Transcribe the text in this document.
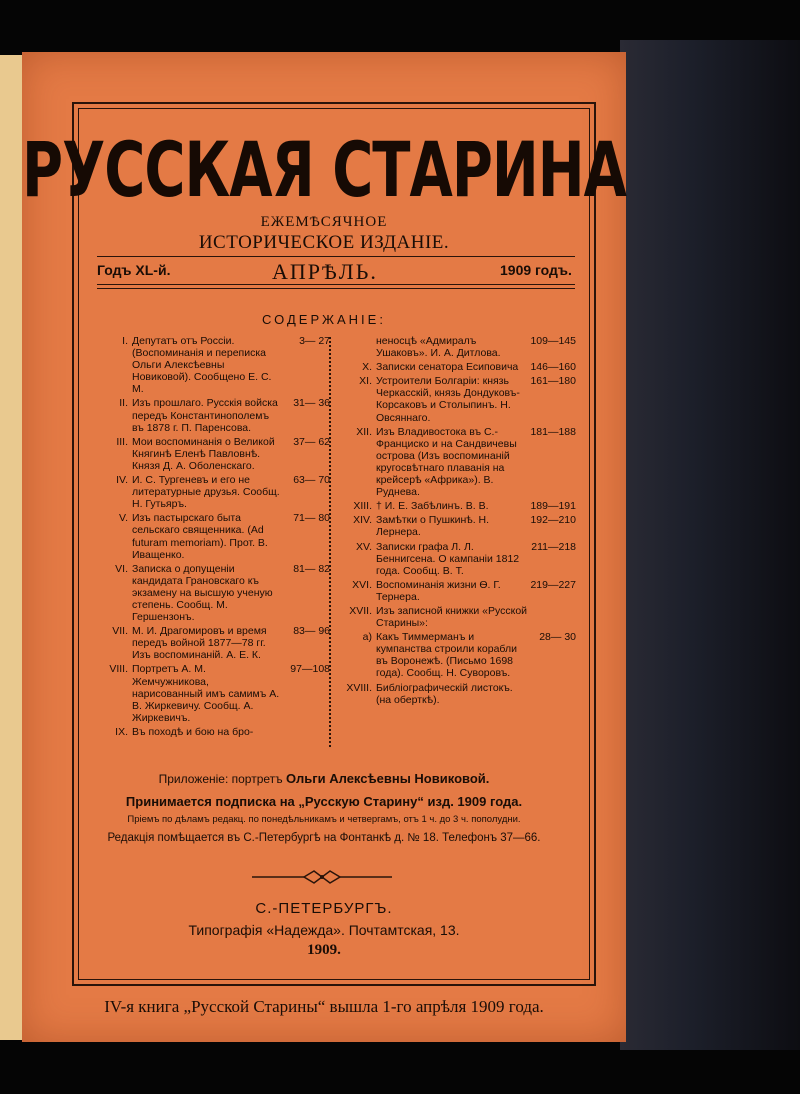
РУССКАЯ СТАРИНА
ЕЖЕМѢСЯЧНОЕ
ИСТОРИЧЕСКОЕ ИЗДАНІЕ.
Годъ XL-й.	АПРѢЛЬ.	1909 годъ.
СОДЕРЖАНІЕ:
I. Депутатъ отъ Россіи. (Воспоминанія и переписка Ольги Алексѣевны Новиковой). Сообщено Е. С. М.
3— 27
II. Изъ прошлаго. Русскія войска передъ Константинополемъ въ 1878 г. П. Паренсова.
31— 36
III. Мои воспоминанія о Великой Княгинѣ Еленѣ Павловнѣ. Князя Д. А. Оболенскаго.
37— 62
IV. И. С. Тургеневъ и его не литературные друзья. Сообщ. Н. Гутьяръ.
63— 70
V. Изъ пастырскаго быта сельскаго священника. (Ad futuram memoriam). Прот. В. Иващенко.
71— 80
VI. Записка о допущеніи кандидата Грановскаго къ экзамену на высшую ученую степень. Сообщ. М. Гершензонъ.
81— 82
VII. М. И. Драгомировъ и время передъ войной 1877—78 гг. Изъ воспоминаній. А. Е. К.
83— 96
VIII. Портретъ А. М. Жемчужникова, нарисованный имъ самимъ А. В. Жиркевичу. Сообщ. А. Жиркевичъ.
97—108
IX. Въ походѣ и бою на бро-
неносцѣ «Адмиралъ Ушаковъ». И. А. Дитлова.
109—145
X. Записки сенатора Есиповича	146—160
XI. Устроители Болгаріи: князь Черкасскій, князь Дондуковъ-Корсаковъ и Столыпинъ. Н. Овсяннаго.
161—180
XII. Изъ Владивостока въ С.-Франциско и на Сандвичевы острова (Изъ воспоминаній кругосвѣтнаго плаванія на крейсерѣ «Африка»). В. Руднева.
181—188
XIII. † И. Е. Забѣлинъ. В. В.	189—191
XIV. Замѣтки о Пушкинѣ. Н. Лернера.
192—210
XV. Записки графа Л. Л. Беннигсена. О кампаніи 1812 года. Сообщ. В. Т.
211—218
XVI. Воспоминанія жизни Ѳ. Г. Тернера.
219—227
XVII. Изъ записной книжки «Русской Старины»:
а) Какъ Тиммерманъ и кумпанства строили корабли въ Воронежѣ. (Письмо 1698 года). Сообщ. Н. Суворовъ.
28— 30
XVIII. Библіографическій листокъ. (на оберткѣ).
Приложеніе: портретъ Ольги Алексѣевны Новиковой.
Принимается подписка на „Русскую Старину“ изд. 1909 года.
Пріемъ по дѣламъ редакц. по понедѣльникамъ и четвергамъ, отъ 1 ч. до 3 ч. пополудни.
Редакція помѣщается въ С.-Петербургѣ на Фонтанкѣ д. № 18. Телефонъ 37—66.
С.-ПЕТЕРБУРГЪ.
Типографія «Надежда». Почтамтская, 13.
1909.
IV-я книга „Русской Старины“ вышла 1-го апрѣля 1909 года.
